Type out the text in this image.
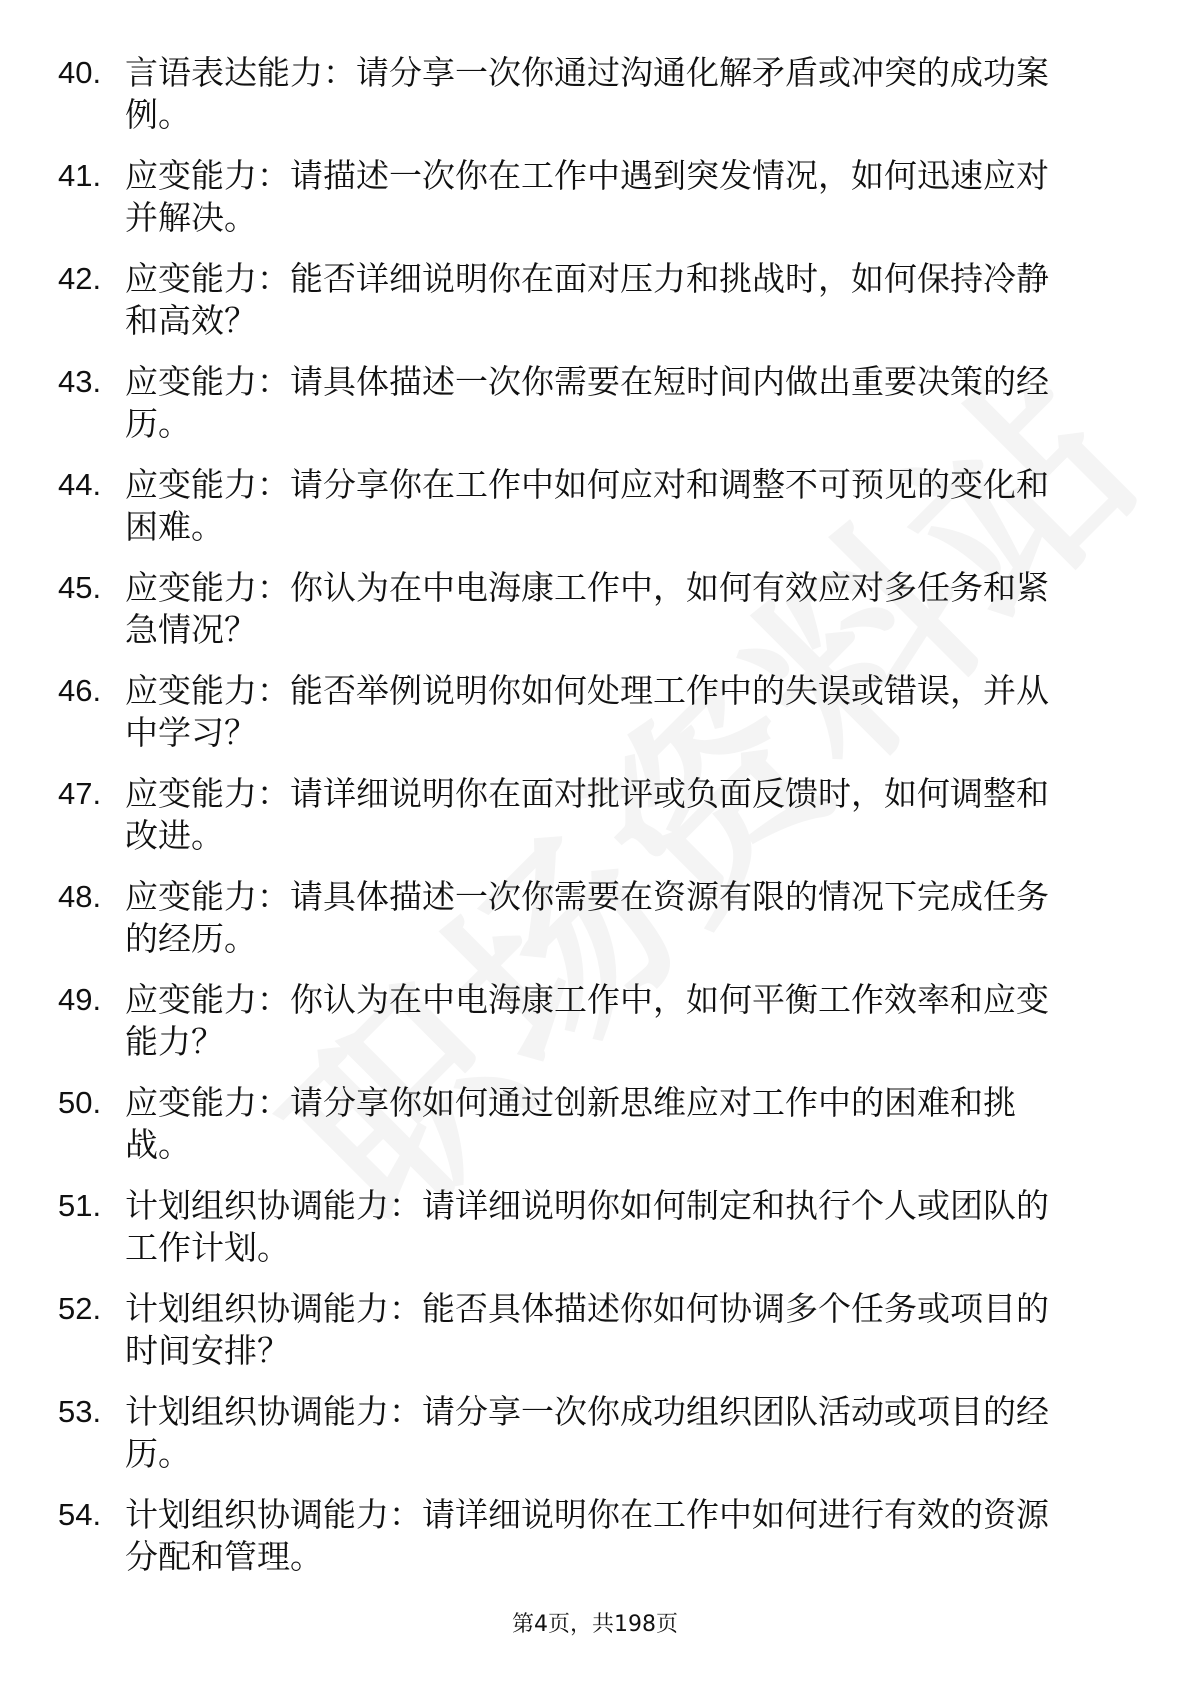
40. 言语表达能力：请分享一次你通过沟通化解矛盾或冲突的成功案
例。
41. 应变能力：请描述一次你在工作中遇到突发情况，如何迅速应对
并解决。
42. 应变能力：能否详细说明你在面对压力和挑战时，如何保持冷静
和高效？
43. 应变能力：请具体描述一次你需要在短时间内做出重要决策的经
历。
44. 应变能力：请分享你在工作中如何应对和调整不可预见的变化和
困难。
45. 应变能力：你认为在中电海康工作中，如何有效应对多任务和紧
急情况？
46. 应变能力：能否举例说明你如何处理工作中的失误或错误，并从
中学习？
47. 应变能力：请详细说明你在面对批评或负面反馈时，如何调整和
改进。
48. 应变能力：请具体描述一次你需要在资源有限的情况下完成任务
的经历。
49. 应变能力：你认为在中电海康工作中，如何平衡工作效率和应变
能力？
50. 应变能力：请分享你如何通过创新思维应对工作中的困难和挑
战。
51. 计划组织协调能力：请详细说明你如何制定和执行个人或团队的
工作计划。
52. 计划组织协调能力：能否具体描述你如何协调多个任务或项目的
时间安排？
53. 计划组织协调能力：请分享一次你成功组织团队活动或项目的经
历。
54. 计划组织协调能力：请详细说明你在工作中如何进行有效的资源
分配和管理。
第4页，共198页
